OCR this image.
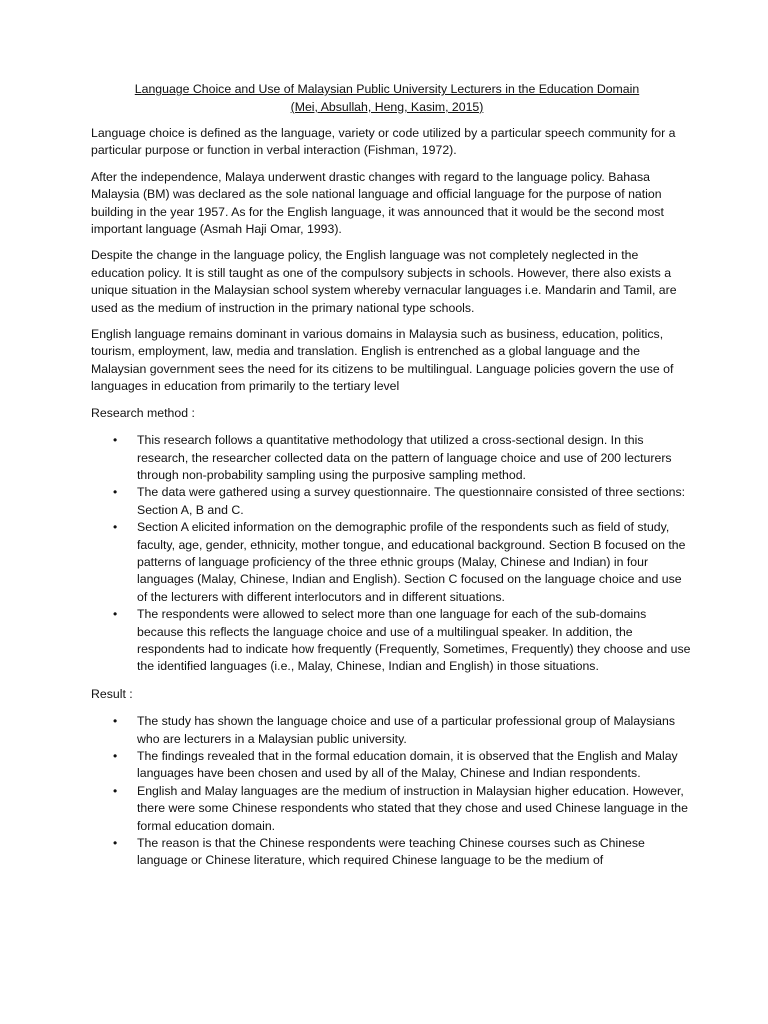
Language Choice and Use of Malaysian Public University Lecturers in the Education Domain
(Mei, Absullah, Heng, Kasim, 2015)

Language choice is defined as the language, variety or code utilized by a particular speech community for a particular purpose or function in verbal interaction (Fishman, 1972).

After the independence, Malaya underwent drastic changes with regard to the language policy. Bahasa Malaysia (BM) was declared as the sole national language and official language for the purpose of nation building in the year 1957. As for the English language, it was announced that it would be the second most important language (Asmah Haji Omar, 1993).

Despite the change in the language policy, the English language was not completely neglected in the education policy. It is still taught as one of the compulsory subjects in schools. However, there also exists a unique situation in the Malaysian school system whereby vernacular languages i.e. Mandarin and Tamil, are used as the medium of instruction in the primary national type schools.

English language remains dominant in various domains in Malaysia such as business, education, politics, tourism, employment, law, media and translation. English is entrenched as a global language and the Malaysian government sees the need for its citizens to be multilingual. Language policies govern the use of languages in education from primarily to the tertiary level

Research method :
• This research follows a quantitative methodology that utilized a cross-sectional design. In this research, the researcher collected data on the pattern of language choice and use of 200 lecturers through non-probability sampling using the purposive sampling method.
• The data were gathered using a survey questionnaire. The questionnaire consisted of three sections: Section A, B and C.
• Section A elicited information on the demographic profile of the respondents such as field of study, faculty, age, gender, ethnicity, mother tongue, and educational background. Section B focused on the patterns of language proficiency of the three ethnic groups (Malay, Chinese and Indian) in four languages (Malay, Chinese, Indian and English). Section C focused on the language choice and use of the lecturers with different interlocutors and in different situations.
• The respondents were allowed to select more than one language for each of the sub-domains because this reflects the language choice and use of a multilingual speaker. In addition, the respondents had to indicate how frequently (Frequently, Sometimes, Frequently) they choose and use the identified languages (i.e., Malay, Chinese, Indian and English) in those situations.
Result :
• The study has shown the language choice and use of a particular professional group of Malaysians who are lecturers in a Malaysian public university.
• The findings revealed that in the formal education domain, it is observed that the English and Malay languages have been chosen and used by all of the Malay, Chinese and Indian respondents.
• English and Malay languages are the medium of instruction in Malaysian higher education. However, there were some Chinese respondents who stated that they chose and used Chinese language in the formal education domain.
• The reason is that the Chinese respondents were teaching Chinese courses such as Chinese language or Chinese literature, which required Chinese language to be the medium of
